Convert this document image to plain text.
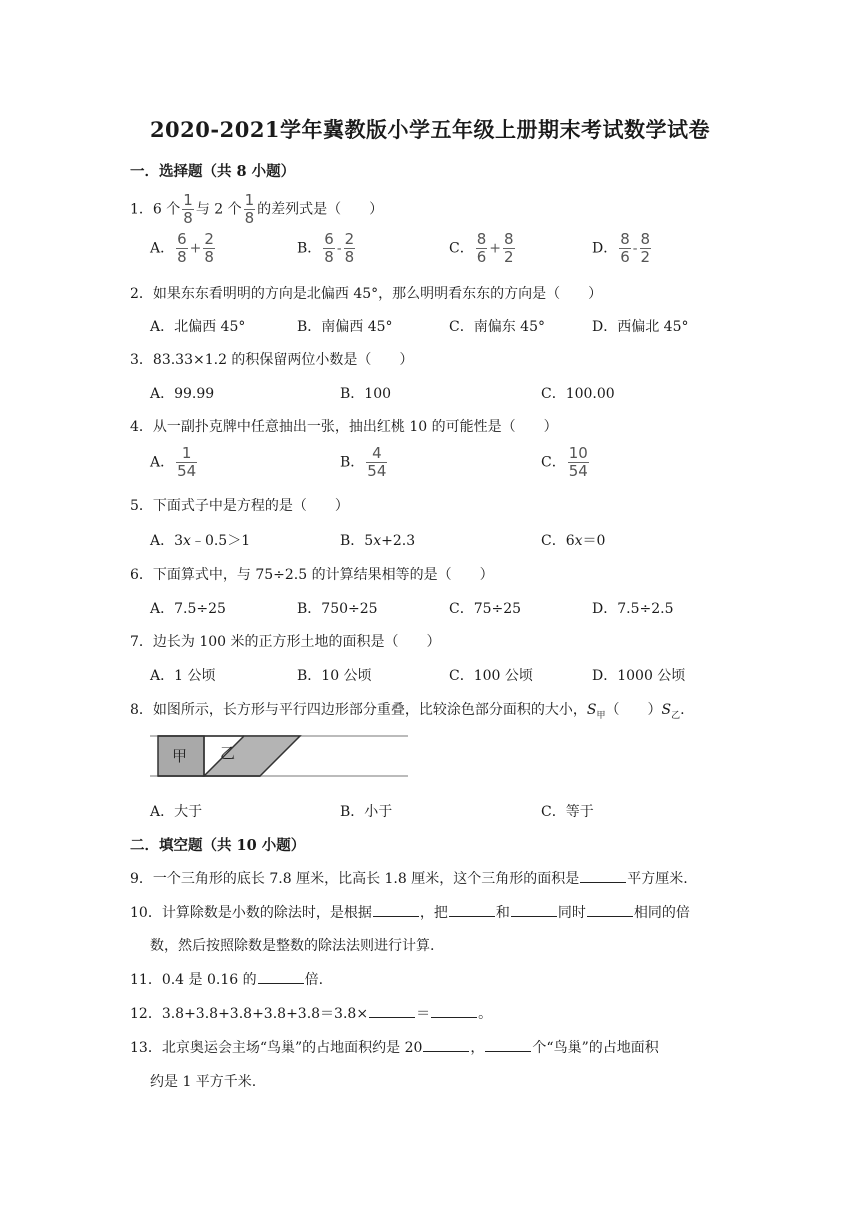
2020-2021学年冀教版小学五年级上册期末考试数学试卷
一．选择题（共 8 小题）
1．6 个 $\frac{1}{8}$ 与 2 个 $\frac{1}{8}$ 的差列式是（　　）
A． $\frac{6}{8} + \frac{2}{8}$	B． $\frac{6}{8} - \frac{2}{8}$	C． $\frac{8}{6} + \frac{8}{2}$	D． $\frac{8}{6} - \frac{8}{2}$
2．如果东东看明明的方向是北偏西 45°，那么明明看东东的方向是（　　）
A．北偏西 45°	B．南偏西 45°	C．南偏东 45°	D．西偏北 45°
3．83.33×1.2 的积保留两位小数是（　　）
A．99.99	B．100	C．100.00
4．从一副扑克牌中任意抽出一张，抽出红桃 10 的可能性是（　　）
A． $\frac{1}{54}$	B． $\frac{4}{54}$	C． $\frac{10}{54}$
5．下面式子中是方程的是（　　）
A．3x﹣0.5＞1	B．5x+2.3	C．6x＝0
6．下面算式中，与 75÷2.5 的计算结果相等的是（　　）
A．7.5÷25	B．750÷25	C．75÷25	D．7.5÷2.5
7．边长为 100 米的正方形土地的面积是（　　）
A．1 公顷	B．10 公顷	C．100 公顷	D．1000 公顷
8．如图所示，长方形与平行四边形部分重叠，比较涂色部分面积的大小，$S_甲$（　　）$S_乙$.
甲 乙
A．大于	B．小于	C．等于
二．填空题（共 10 小题）
9．一个三角形的底长 7.8 厘米，比高长 1.8 厘米，这个三角形的面积是	平方厘米.
10．计算除数是小数的除法时，是根据	，把	和	同时	相同的倍
数，然后按照除数是整数的除法法则进行计算.
11．0.4 是 0.16 的	倍.
12．3.8+3.8+3.8+3.8+3.8＝3.8×	＝	。
13．北京奥运会主场“鸟巢”的占地面积约是 20	，	个“鸟巢”的占地面积
约是 1 平方千米.
